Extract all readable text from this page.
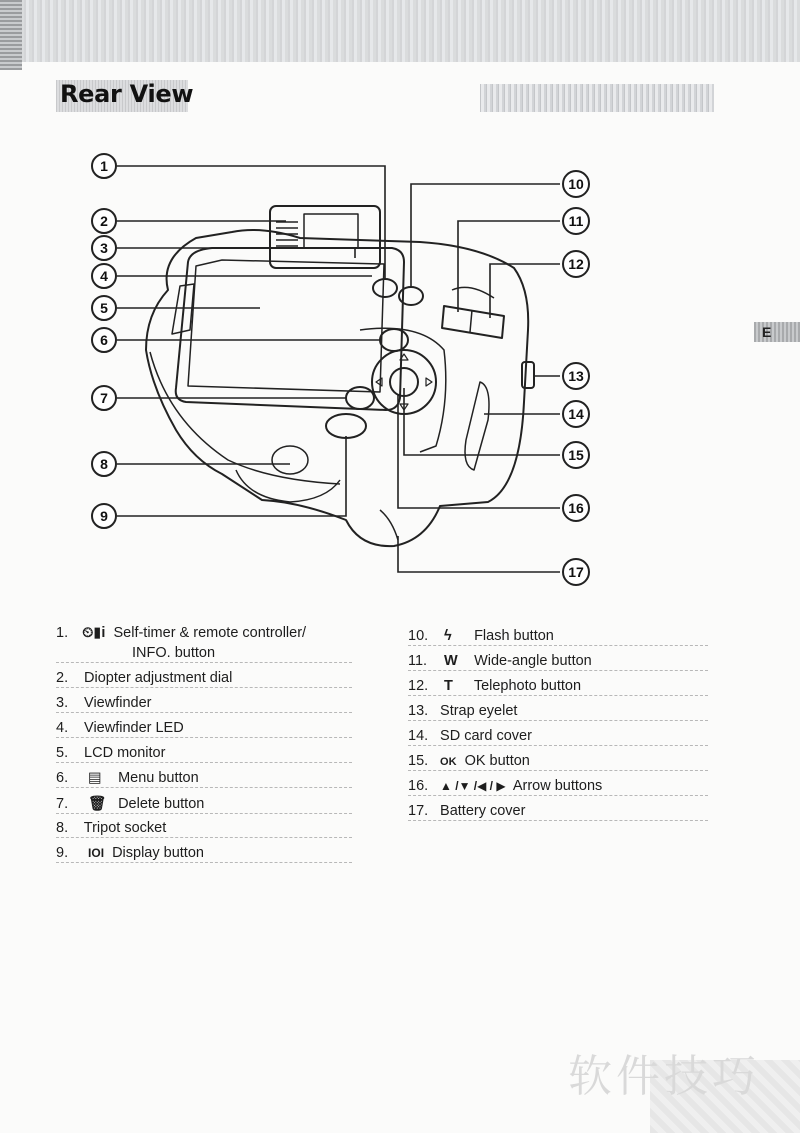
Rear View
E
1
2
3
4
5
6
7
8
9
10
11
12
13
14
15
16
17
1. ⏲▮i Self-timer & remote controller/
INFO. button
2. Diopter adjustment dial
3. Viewfinder
4. Viewfinder LED
5. LCD monitor
6. ▤ Menu button
7. 🗑 Delete button
8. Tripot socket
9. IOI Display button
10. ϟ Flash button
11. W Wide-angle button
12. T Telephoto button
13. Strap eyelet
14. SD card cover
15. OK OK button
16. ▲ /▼ /◀ / ▶ Arrow buttons
17. Battery cover
软件技巧
